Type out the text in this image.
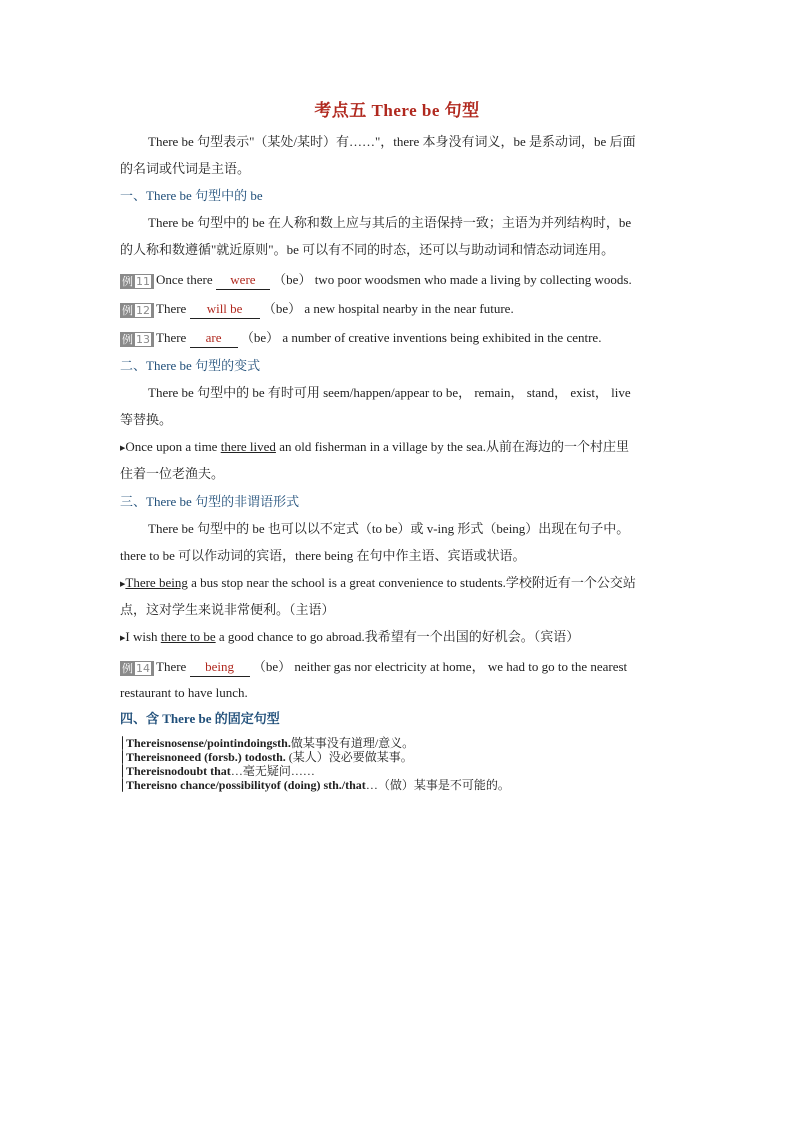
考点五 There be 句型
There be 句型表示"（某处/某时）有……"，there 本身没有词义，be 是系动词，be 后面
的名词或代词是主语。
一、There be 句型中的 be
There be 句型中的 be 在人称和数上应与其后的主语保持一致；主语为并列结构时，be
的人称和数遵循"就近原则"。be 可以有不同的时态，还可以与助动词和情态动词连用。
例 11 Once there were （be） two poor woodsmen who made a living by collecting woods.
例 12 There will be （be） a new hospital nearby in the near future.
例 13 There are （be） a number of creative inventions being exhibited in the centre.
二、There be 句型的变式
There be 句型中的 be 有时可用 seem/happen/appear to be， remain， stand， exist， live
等替换。
▶Once upon a time there lived an old fisherman in a village by the sea.从前在海边的一个村庄里
住着一位老渔夫。
三、There be 句型的非谓语形式
There be 句型中的 be 也可以以不定式（to be）或 v-ing 形式（being）出现在句子中。
there to be 可以作动词的宾语，there being 在句中作主语、宾语或状语。
▶There being a bus stop near the school is a great convenience to students.学校附近有一个公交站
点，这对学生来说非常便利。（主语）
▶I wish there to be a good chance to go abroad.我希望有一个出国的好机会。（宾语）
例 14 There being （be） neither gas nor electricity at home， we had to go to the nearest
restaurant to have lunch.
四、含 There be 的固定句型
Thereisnosense/pointindoingsth.做某事没有道理/意义。
Thereisnoneed (forsb.) todosth. (某人）没必要做某事。
Thereisnodoubt that…毫无疑问……
Thereisno chance/possibilityof (doing) sth./that…（做）某事是不可能的。
